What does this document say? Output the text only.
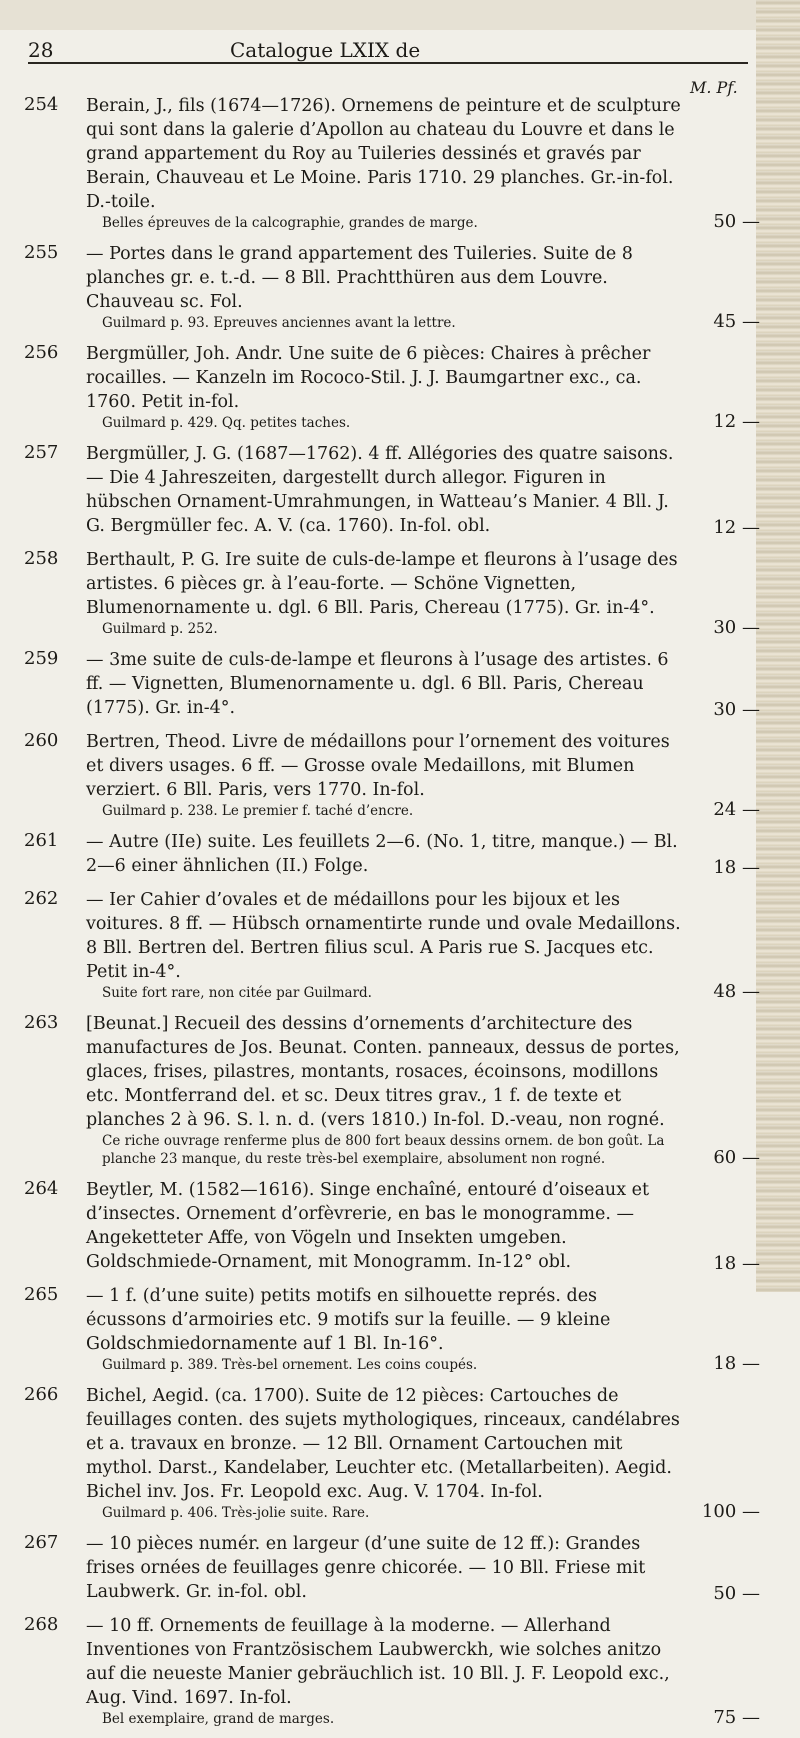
28	Catalogue LXIX de
M. Pf.
254 Berain, J., fils (1674—1726). Ornemens de peinture et de sculpture qui sont dans la galerie d’Apollon au chateau du Louvre et dans le grand appartement du Roy au Tuileries dessinés et gravés par Berain, Chauveau et Le Moine. Paris 1710. 29 planches. Gr.-in-fol. D.-toile.
Belles épreuves de la calcographie, grandes de marge.	50 —
255 — Portes dans le grand appartement des Tuileries. Suite de 8 planches gr. e. t.-d. — 8 Bll. Prachtthüren aus dem Louvre. Chauveau sc. Fol.
Guilmard p. 93. Epreuves anciennes avant la lettre.	45 —
256 Bergmüller, Joh. Andr. Une suite de 6 pièces: Chaires à prêcher rocailles. — Kanzeln im Rococo-Stil. J. J. Baumgartner exc., ca. 1760. Petit in-fol.
Guilmard p. 429. Qq. petites taches.	12 —
257 Bergmüller, J. G. (1687—1762). 4 ff. Allégories des quatre saisons. — Die 4 Jahreszeiten, dargestellt durch allegor. Figuren in hübschen Ornament-Umrahmungen, in Watteau’s Manier. 4 Bll. J. G. Bergmüller fec. A. V. (ca. 1760). In-fol. obl.	12 —
258 Berthault, P. G. Ire suite de culs-de-lampe et fleurons à l’usage des artistes. 6 pièces gr. à l’eau-forte. — Schöne Vignetten, Blumenornamente u. dgl. 6 Bll. Paris, Chereau (1775). Gr. in-4°.
Guilmard p. 252.	30 —
259 — 3me suite de culs-de-lampe et fleurons à l’usage des artistes. 6 ff. — Vignetten, Blumenornamente u. dgl. 6 Bll. Paris, Chereau (1775). Gr. in-4°.	30 —
260 Bertren, Theod. Livre de médaillons pour l’ornement des voitures et divers usages. 6 ff. — Grosse ovale Medaillons, mit Blumen verziert. 6 Bll. Paris, vers 1770. In-fol.
Guilmard p. 238. Le premier f. taché d’encre.	24 —
261 — Autre (IIe) suite. Les feuillets 2—6. (No. 1, titre, manque.) — Bl. 2—6 einer ähnlichen (II.) Folge.	18 —
262 — Ier Cahier d’ovales et de médaillons pour les bijoux et les voitures. 8 ff. — Hübsch ornamentirte runde und ovale Medaillons. 8 Bll. Bertren del. Bertren filius scul. A Paris rue S. Jacques etc. Petit in-4°.
Suite fort rare, non citée par Guilmard.	48 —
263 [Beunat.] Recueil des dessins d’ornements d’architecture des manufactures de Jos. Beunat. Conten. panneaux, dessus de portes, glaces, frises, pilastres, montants, rosaces, écoinsons, modillons etc. Montferrand del. et sc. Deux titres grav., 1 f. de texte et planches 2 à 96. S. l. n. d. (vers 1810.) In-fol. D.-veau, non rogné.
Ce riche ouvrage renferme plus de 800 fort beaux dessins ornem. de bon goût. La planche 23 manque, du reste très-bel exemplaire, absolument non rogné.	60 —
264 Beytler, M. (1582—1616). Singe enchaîné, entouré d’oiseaux et d’insectes. Ornement d’orfèvrerie, en bas le monogramme. — Angeketteter Affe, von Vögeln und Insekten umgeben. Goldschmiede-Ornament, mit Monogramm. In-12° obl.	18 —
265 — 1 f. (d’une suite) petits motifs en silhouette représ. des écussons d’armoiries etc. 9 motifs sur la feuille. — 9 kleine Goldschmiedornamente auf 1 Bl. In-16°.
Guilmard p. 389. Très-bel ornement. Les coins coupés.	18 —
266 Bichel, Aegid. (ca. 1700). Suite de 12 pièces: Cartouches de feuillages conten. des sujets mythologiques, rinceaux, candélabres et a. travaux en bronze. — 12 Bll. Ornament Cartouchen mit mythol. Darst., Kandelaber, Leuchter etc. (Metallarbeiten). Aegid. Bichel inv. Jos. Fr. Leopold exc. Aug. V. 1704. In-fol.
Guilmard p. 406. Très-jolie suite. Rare.	100 —
267 — 10 pièces numér. en largeur (d’une suite de 12 ff.): Grandes frises ornées de feuillages genre chicorée. — 10 Bll. Friese mit Laubwerk. Gr. in-fol. obl.	50 —
268 — 10 ff. Ornements de feuillage à la moderne. — Allerhand Inventiones von Frantzösischem Laubwerckh, wie solches anitzo auf die neueste Manier gebräuchlich ist. 10 Bll. J. F. Leopold exc., Aug. Vind. 1697. In-fol.
Bel exemplaire, grand de marges.	75 —
